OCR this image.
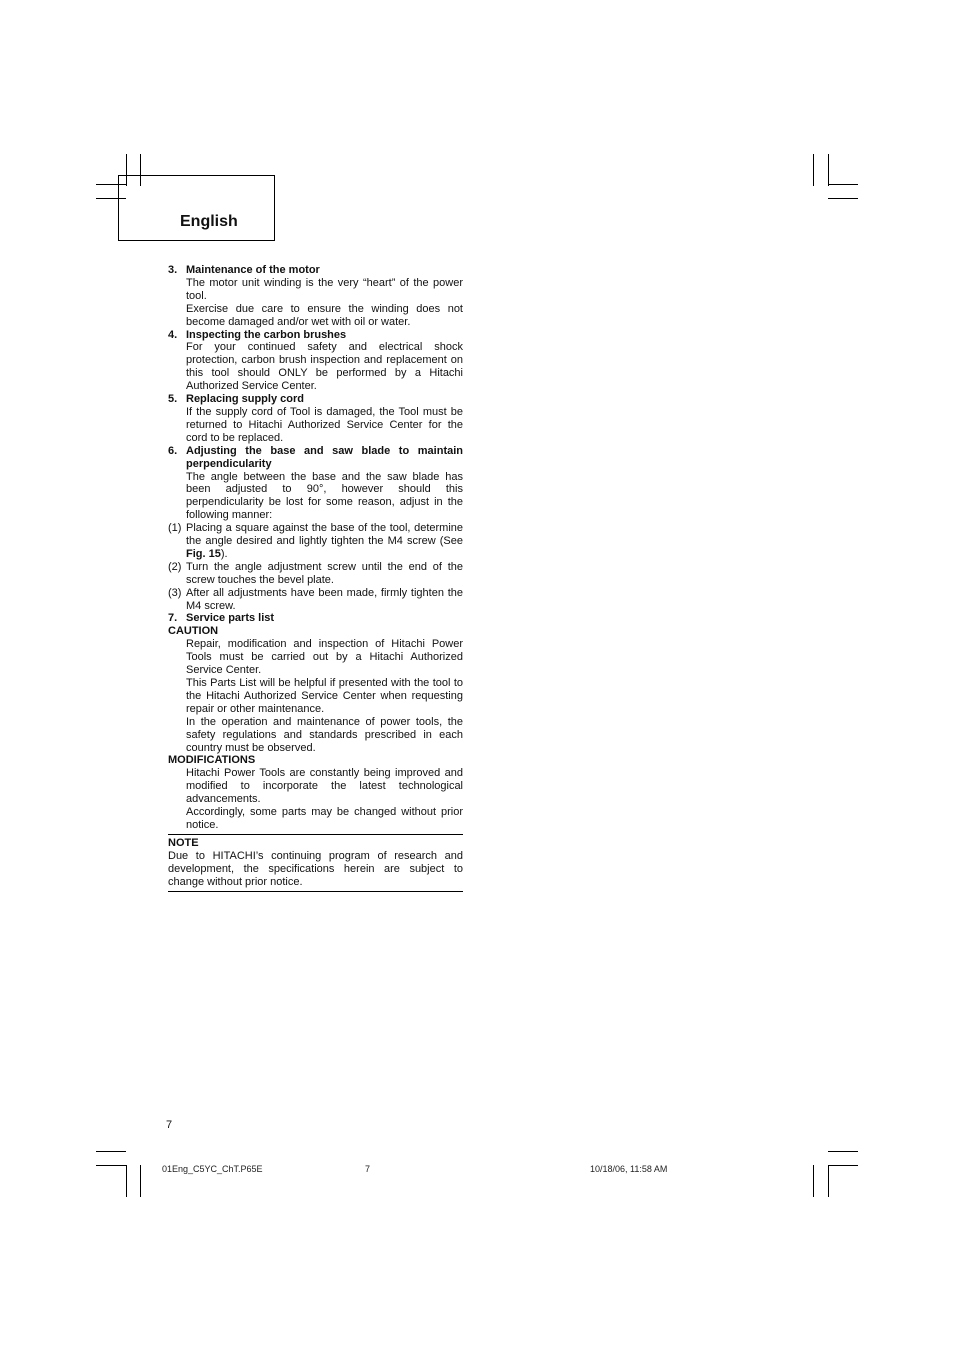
English
3. Maintenance of the motor
The motor unit winding is the very “heart” of the power tool.
Exercise due care to ensure the winding does not become damaged and/or wet with oil or water.
4. Inspecting the carbon brushes
For your continued safety and electrical shock protection, carbon brush inspection and replacement on this tool should ONLY be performed by a Hitachi Authorized Service Center.
5. Replacing supply cord
If the supply cord of Tool is damaged, the Tool must be returned to Hitachi Authorized Service Center for the cord to be replaced.
6. Adjusting the base and saw blade to maintain perpendicularity
The angle between the base and the saw blade has been adjusted to 90°, however should this perpendicularity be lost for some reason, adjust in the following manner:
(1) Placing a square against the base of the tool, determine the angle desired and lightly tighten the M4 screw (See Fig. 15).
(2) Turn the angle adjustment screw until the end of the screw touches the bevel plate.
(3) After all adjustments have been made, firmly tighten the M4 screw.
7. Service parts list
CAUTION
Repair, modification and inspection of Hitachi Power Tools must be carried out by a Hitachi Authorized Service Center.
This Parts List will be helpful if presented with the tool to the Hitachi Authorized Service Center when requesting repair or other maintenance.
In the operation and maintenance of power tools, the safety regulations and standards prescribed in each country must be observed.
MODIFICATIONS
Hitachi Power Tools are constantly being improved and modified to incorporate the latest technological advancements.
Accordingly, some parts may be changed without prior notice.
NOTE
Due to HITACHI’s continuing program of research and development, the specifications herein are subject to change without prior notice.
7
01Eng_C5YC_ChT.P65E	7	10/18/06, 11:58 AM
